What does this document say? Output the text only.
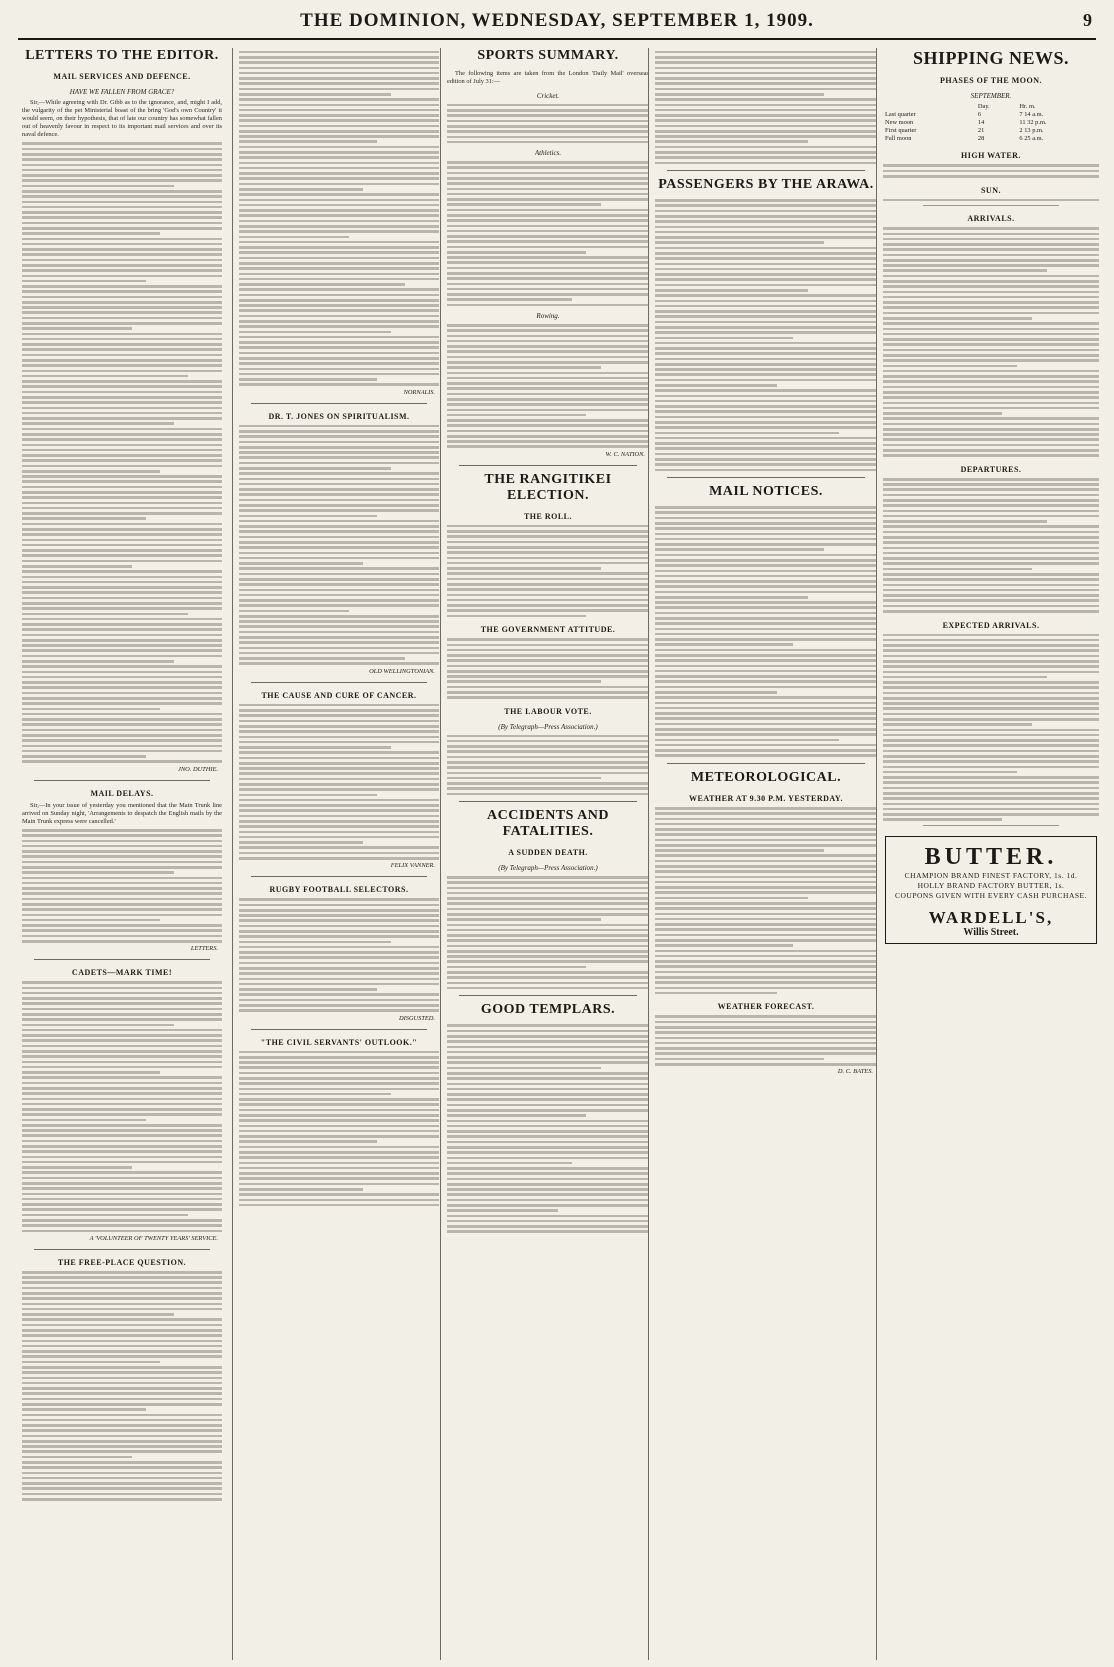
THE DOMINION, WEDNESDAY, SEPTEMBER 1, 1909.	9
LETTERS TO THE EDITOR.
MAIL SERVICES AND DEFENCE.
HAVE WE FALLEN FROM GRACE?

Sir,—While agreeing with Dr. Gibb as to the ignorance, and, might I add, the vulgarity of the pet Ministerial boast of the bring 'God's own Country' it would seem, on their hypothesis, that of late our country has somewhat fallen out of heavenly favour in respect to its important mail services and over its naval defence.

JNO. DUTHIE.
MAIL DELAYS.

Sir,—In your issue of yesterday you mentioned that the Main Trunk line arrived on Sunday night, 'Arrangements to despatch the English mails by the Main Trunk express were cancelled.'

LETTERS.
CADETS—MARK TIME!
A 'VOLUNTEER OF TWENTY YEARS' SERVICE.
THE FREE-PLACE QUESTION.
NORNALIS.
DR. T. JONES ON SPIRITUALISM.
OLD WELLINGTONIAN.
THE CAUSE AND CURE OF CANCER.
FELIX VANNER.
RUGBY FOOTBALL SELECTORS.
DISGUSTED.
"THE CIVIL SERVANTS' OUTLOOK."
SPORTS SUMMARY.

The following items are taken from the London 'Daily Mail' overseas edition of July 31:—

Cricket.
Athletics.
Rowing.
W. C. NATION.
THE RANGITIKEI ELECTION.
THE ROLL.
THE GOVERNMENT ATTITUDE.
THE LABOUR VOTE.
(By Telegraph—Press Association.)
ACCIDENTS AND FATALITIES.
A SUDDEN DEATH.
(By Telegraph—Press Association.)
GOOD TEMPLARS.
PASSENGERS BY THE ARAWA.
MAIL NOTICES.
METEOROLOGICAL.
WEATHER AT 9.30 P.M. YESTERDAY.
WEATHER FORECAST.
D. C. BATES.
SHIPPING NEWS.
PHASES OF THE MOON.
SEPTEMBER.
	Day.	Hr. m.
Last quarter	6	7 14 a.m.
New moon	14	11 32 p.m.
First quarter	21	2 13 p.m.
Full moon	28	6 25 a.m.
HIGH WATER.
SUN.
ARRIVALS.
DEPARTURES.
EXPECTED ARRIVALS.
BUTTER.
CHAMPION BRAND FINEST FACTORY, 1s. 1d.
HOLLY BRAND FACTORY BUTTER, 1s.
COUPONS GIVEN WITH EVERY CASH PURCHASE.
WARDELL'S,
Willis Street.
